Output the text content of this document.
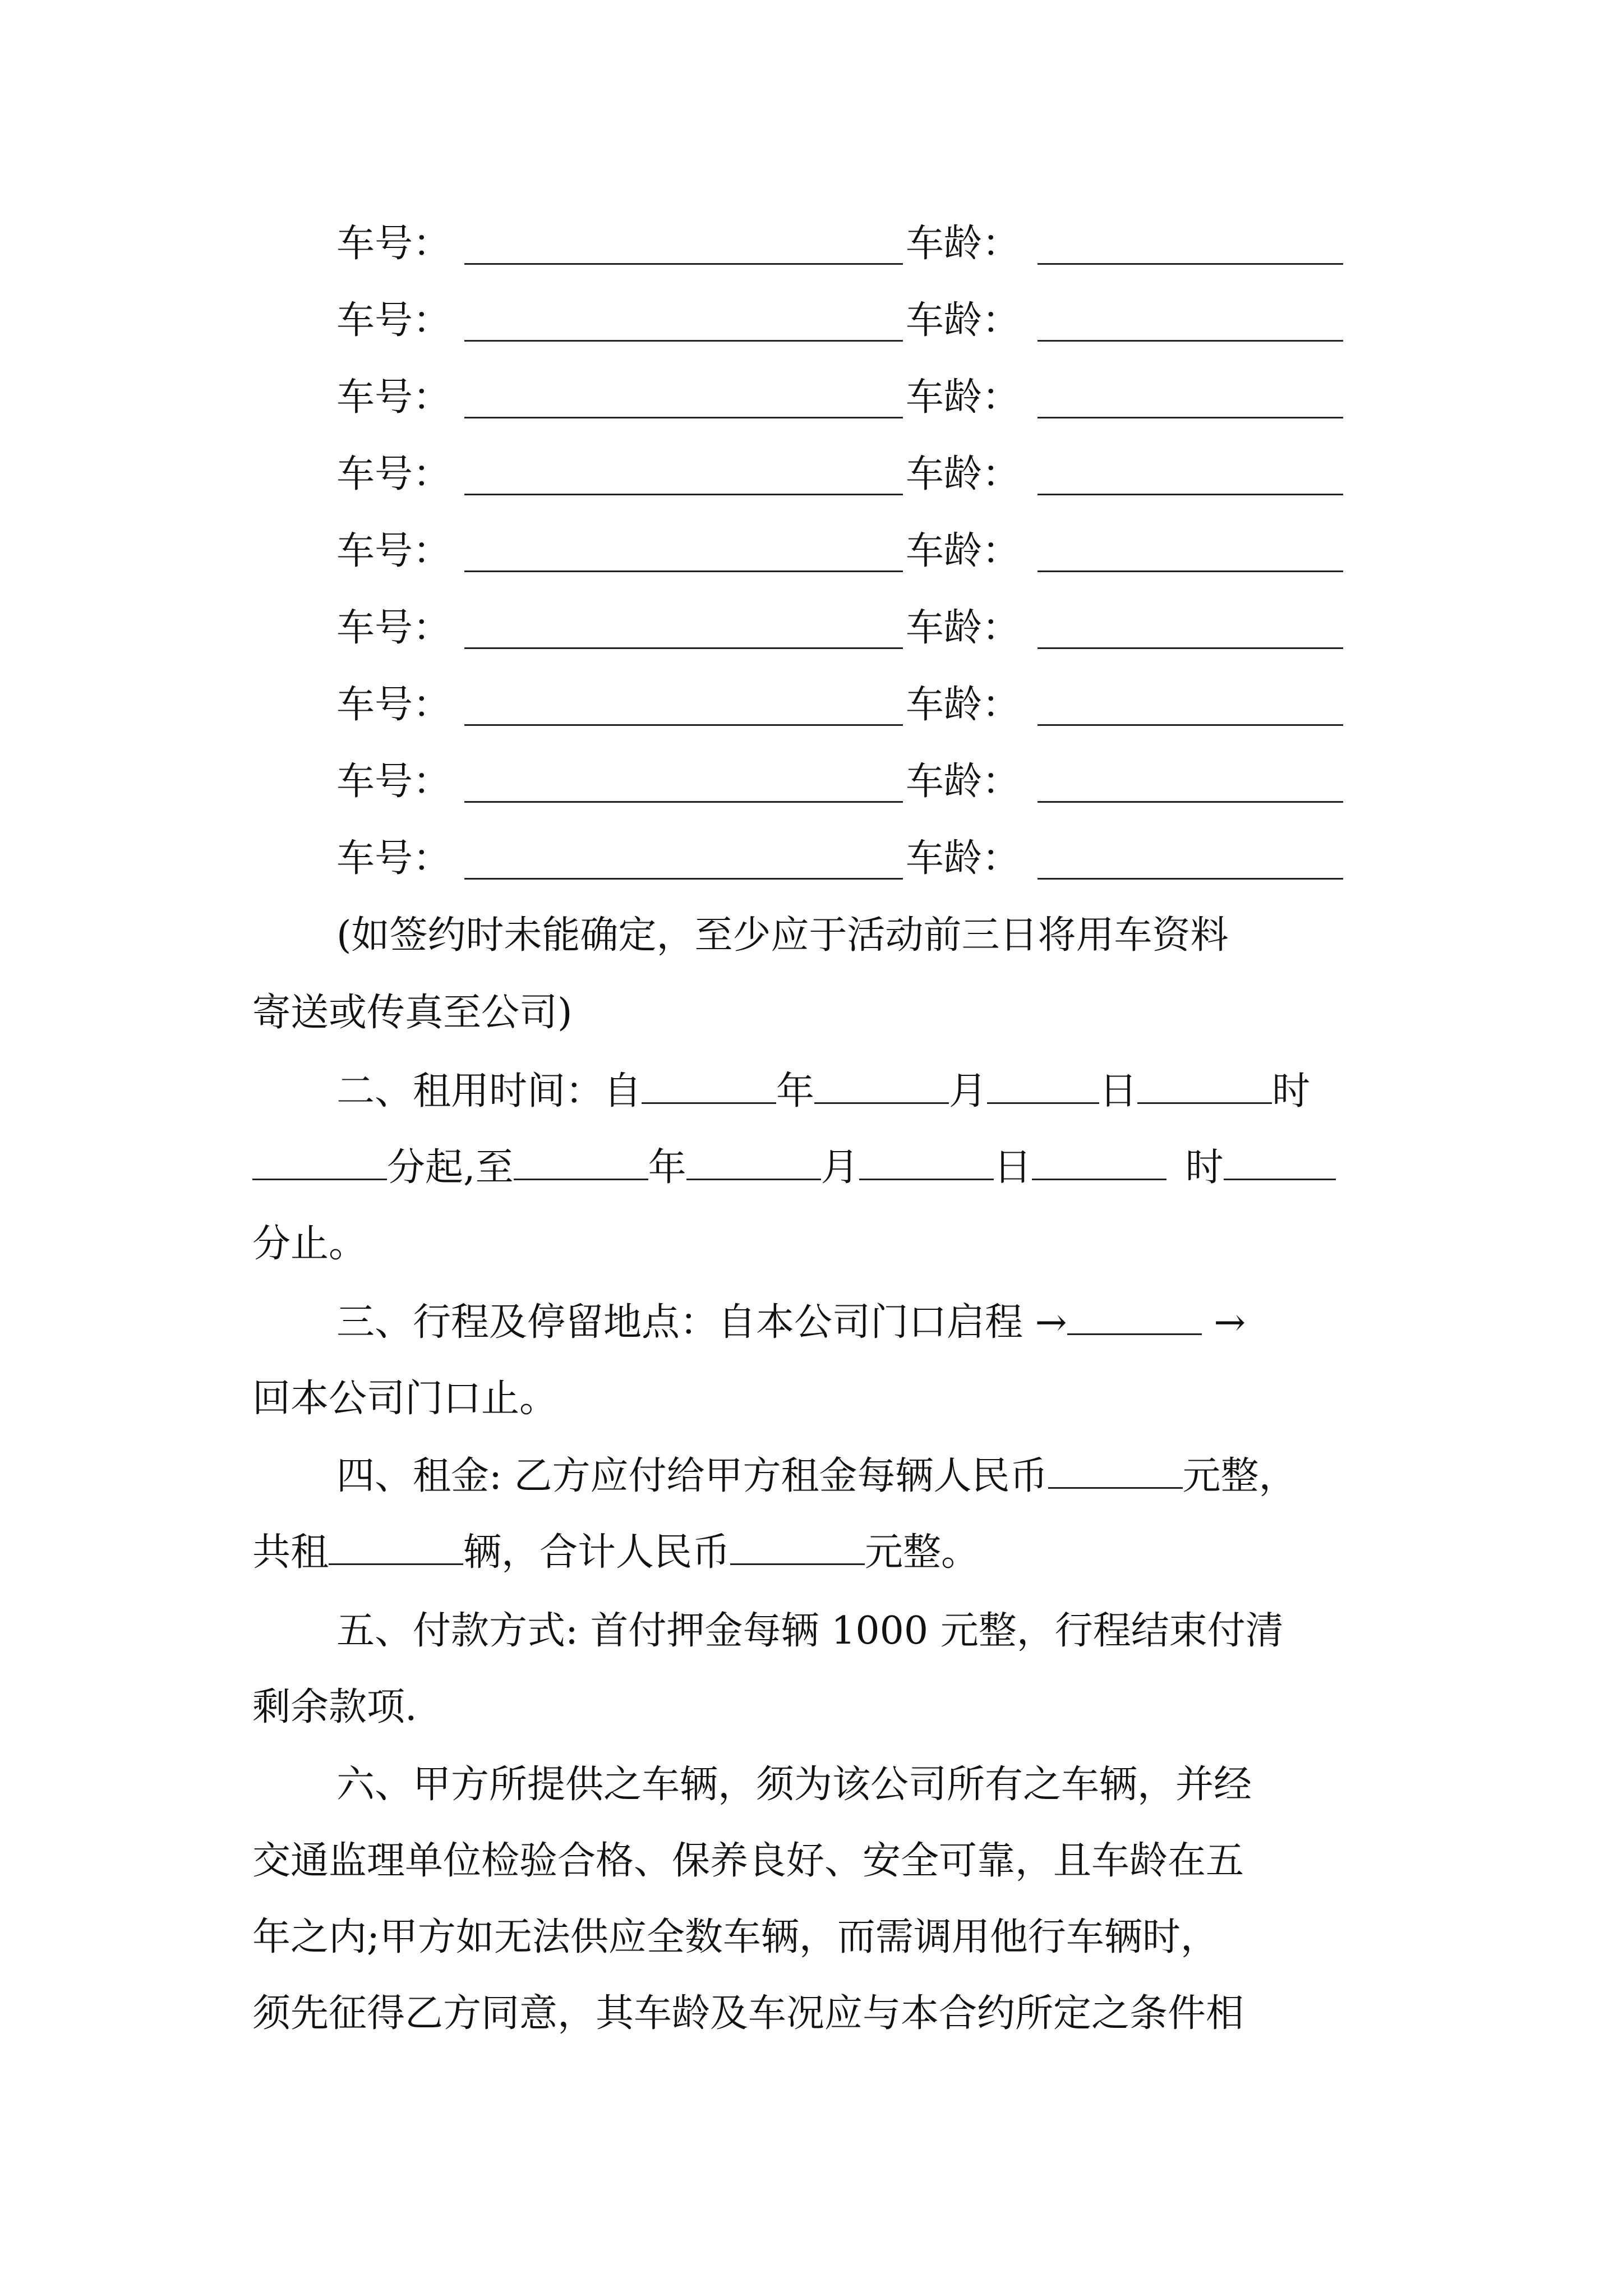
车号：	车龄：
车号：	车龄：
车号：	车龄：
车号：	车龄：
车号：	车龄：
车号：	车龄：
车号：	车龄：
车号：	车龄：
车号：	车龄：
(如签约时未能确定，至少应于活动前三日将用车资料
寄送或传真至公司)
二、租用时间：自	年	月	日	时
分起,至	年	月	日	时
分止。
三、行程及停留地点：自本公司门口启程 →	→
回本公司门口止。
四、租金: 乙方应付给甲方租金每辆人民币	元整，
共租	辆，合计人民币	元整。
五、付款方式: 首付押金每辆 1000 元整，行程结束付清
剩余款项.
六、甲方所提供之车辆，须为该公司所有之车辆，并经
交通监理单位检验合格、保养良好、安全可靠，且车龄在五
年之内;甲方如无法供应全数车辆，而需调用他行车辆时，
须先征得乙方同意，其车龄及车况应与本合约所定之条件相
